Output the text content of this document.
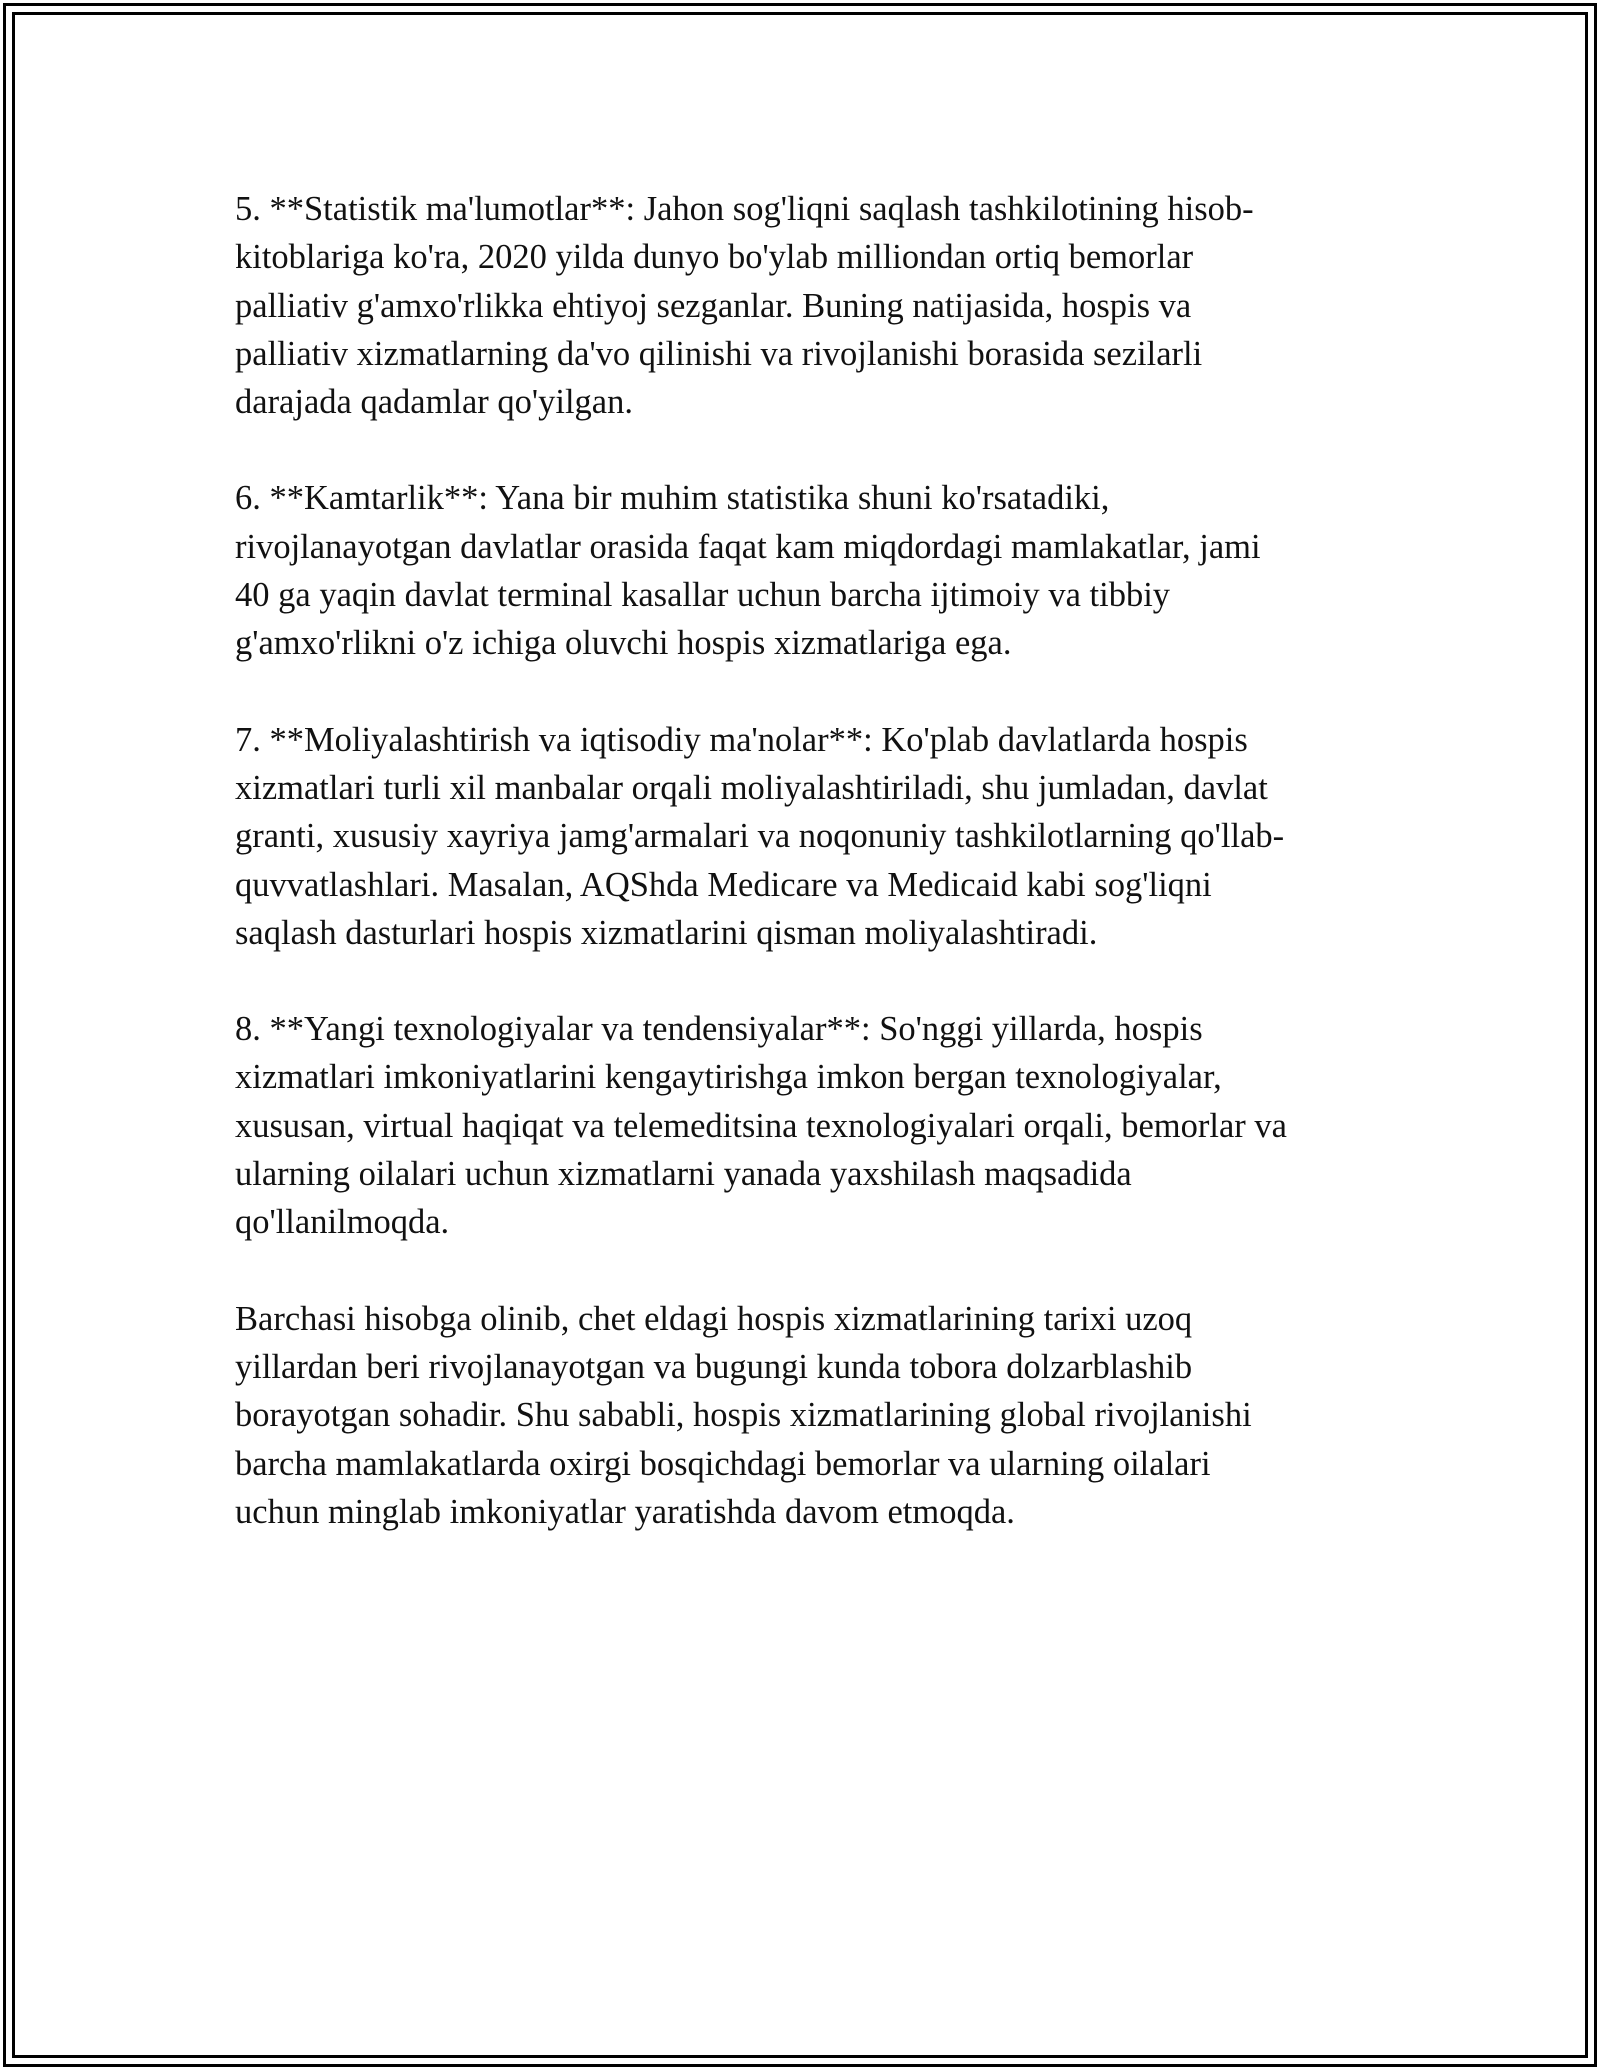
5. **Statistik ma'lumotlar**: Jahon sog'liqni saqlash tashkilotining hisob-
kitoblariga ko'ra, 2020 yilda dunyo bo'ylab milliondan ortiq bemorlar
palliativ g'amxo'rlikka ehtiyoj sezganlar. Buning natijasida, hospis va
palliativ xizmatlarning da'vo qilinishi va rivojlanishi borasida sezilarli
darajada qadamlar qo'yilgan.

6. **Kamtarlik**: Yana bir muhim statistika shuni ko'rsatadiki,
rivojlanayotgan davlatlar orasida faqat kam miqdordagi mamlakatlar, jami
40 ga yaqin davlat terminal kasallar uchun barcha ijtimoiy va tibbiy
g'amxo'rlikni o'z ichiga oluvchi hospis xizmatlariga ega.

7. **Moliyalashtirish va iqtisodiy ma'nolar**: Ko'plab davlatlarda hospis
xizmatlari turli xil manbalar orqali moliyalashtiriladi, shu jumladan, davlat
granti, xususiy xayriya jamg'armalari va noqonuniy tashkilotlarning qo'llab-
quvvatlashlari. Masalan, AQShda Medicare va Medicaid kabi sog'liqni
saqlash dasturlari hospis xizmatlarini qisman moliyalashtiradi.

8. **Yangi texnologiyalar va tendensiyalar**: So'nggi yillarda, hospis
xizmatlari imkoniyatlarini kengaytirishga imkon bergan texnologiyalar,
xususan, virtual haqiqat va telemeditsina texnologiyalari orqali, bemorlar va
ularning oilalari uchun xizmatlarni yanada yaxshilash maqsadida
qo'llanilmoqda.

Barchasi hisobga olinib, chet eldagi hospis xizmatlarining tarixi uzoq
yillardan beri rivojlanayotgan va bugungi kunda tobora dolzarblashib
borayotgan sohadir. Shu sababli, hospis xizmatlarining global rivojlanishi
barcha mamlakatlarda oxirgi bosqichdagi bemorlar va ularning oilalari
uchun minglab imkoniyatlar yaratishda davom etmoqda.
